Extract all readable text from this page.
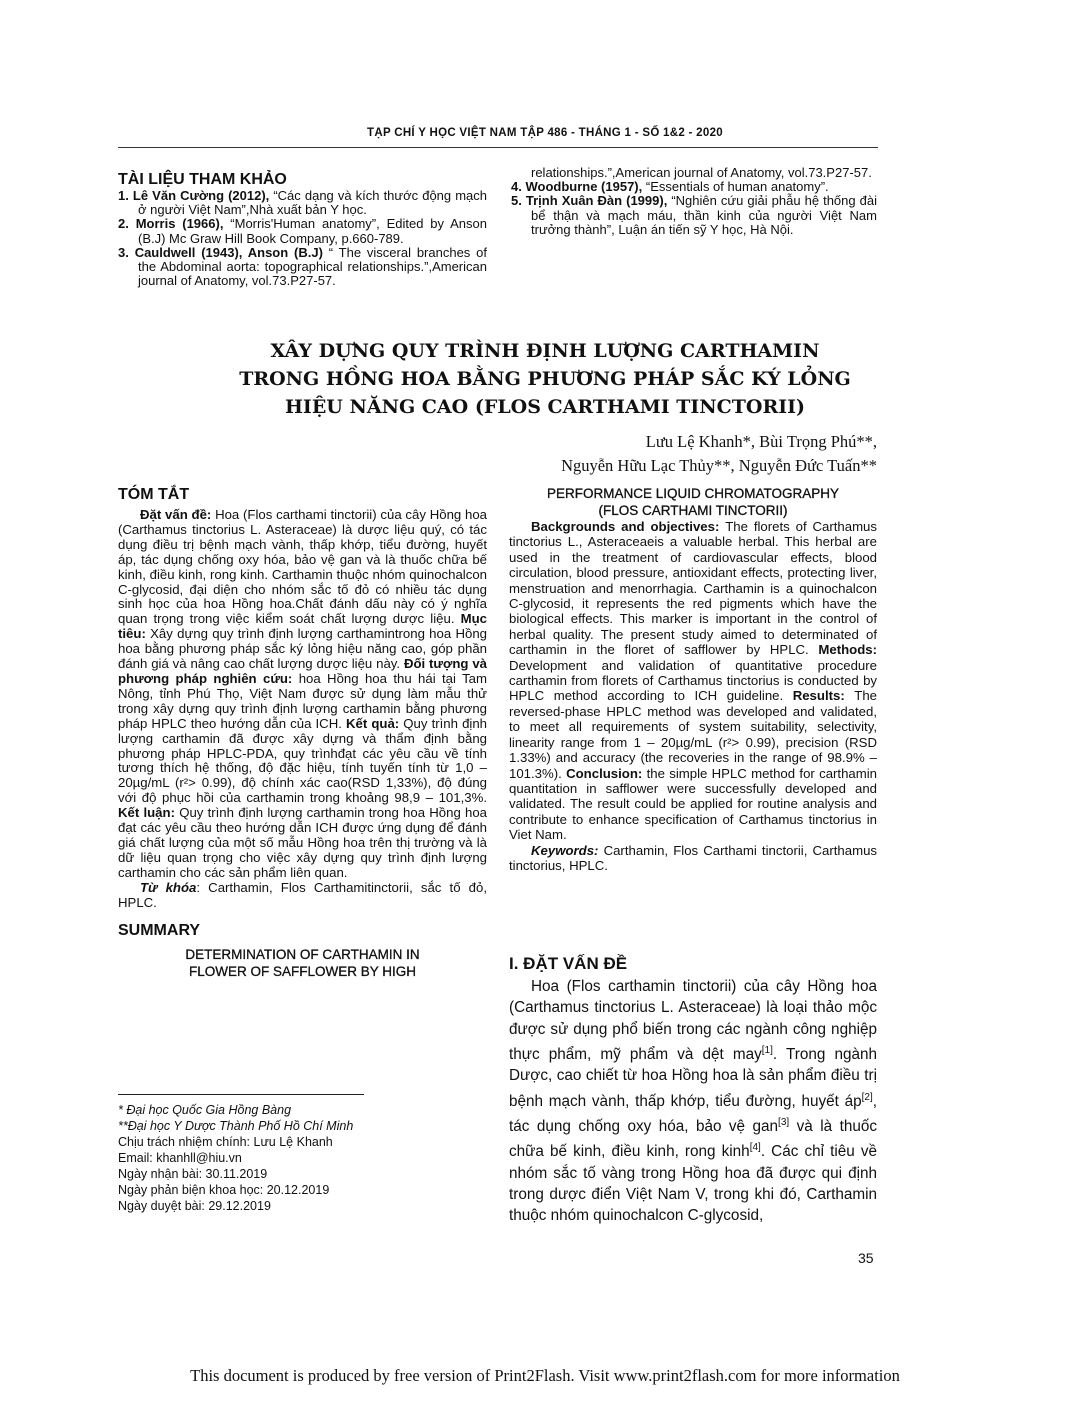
TẠP CHÍ Y HỌC VIỆT NAM TẬP 486 - THÁNG 1 - SỐ 1&2 - 2020
TÀI LIỆU THAM KHẢO

1. Lê Văn Cường (2012), “Các dạng và kích thước động mạch ở người Việt Nam”,Nhà xuất bản Y học.

2. Morris (1966), “Morris'Human anatomy”, Edited by Anson (B.J) Mc Graw Hill Book Company, p.660-789.

3. Cauldwell (1943), Anson (B.J) “ The visceral branches of the Abdominal aorta: topographical relationships.”,American journal of Anatomy, vol.73.P27-57.

relationships.”,American journal of Anatomy, vol.73.P27-57.

4. Woodburne (1957), “Essentials of human anatomy”.

5. Trịnh Xuân Đàn (1999), “Nghiên cứu giải phẫu hệ thống đài bể thận và mạch máu, thần kinh của người Việt Nam trưởng thành”, Luận án tiến sỹ Y học, Hà Nội.

XÂY DỰNG QUY TRÌNH ĐỊNH LƯỢNG CARTHAMIN
TRONG HỒNG HOA BẰNG PHƯƠNG PHÁP SẮC KÝ LỎNG
HIỆU NĂNG CAO (FLOS CARTHAMI TINCTORII)
Lưu Lệ Khanh*, Bùi Trọng Phú**,
Nguyễn Hữu Lạc Thủy**, Nguyễn Đức Tuấn**
TÓM TẮT

Đặt vấn đề: Hoa (Flos carthami tinctorii) của cây Hồng hoa (Carthamus tinctorius L. Asteraceae) là dược liệu quý, có tác dụng điều trị bệnh mạch vành, thấp khớp, tiểu đường, huyết áp, tác dụng chống oxy hóa, bảo vệ gan và là thuốc chữa bế kinh, điều kinh, rong kinh. Carthamin thuộc nhóm quinochalcon C-glycosid, đại diện cho nhóm sắc tố đỏ có nhiều tác dụng sinh học của hoa Hồng hoa.Chất đánh dấu này có ý nghĩa quan trọng trong việc kiểm soát chất lượng dược liệu. Mục tiêu: Xây dựng quy trình định lượng carthamintrong hoa Hồng hoa bằng phương pháp sắc ký lỏng hiệu năng cao, góp phần đánh giá và nâng cao chất lượng dược liệu này. Đối tượng và phương pháp nghiên cứu: hoa Hồng hoa thu hái tại Tam Nông, tỉnh Phú Thọ, Việt Nam được sử dụng làm mẫu thử trong xây dựng quy trình định lượng carthamin bằng phương pháp HPLC theo hướng dẫn của ICH. Kết quả: Quy trình định lượng carthamin đã được xây dựng và thẩm định bằng phương pháp HPLC-PDA, quy trìnhđạt các yêu cầu về tính tương thích hệ thống, độ đặc hiệu, tính tuyến tính từ 1,0 – 20µg/mL (r²> 0.99), độ chính xác cao(RSD 1,33%), độ đúng với độ phục hồi của carthamin trong khoảng 98,9 – 101,3%. Kết luận: Quy trình định lượng carthamin trong hoa Hồng hoa đạt các yêu cầu theo hướng dẫn ICH được ứng dụng để đánh giá chất lượng của một số mẫu Hồng hoa trên thị trường và là dữ liệu quan trọng cho việc xây dựng quy trình định lượng carthamin cho các sản phẩm liên quan.

Từ khóa: Carthamin, Flos Carthamitinctorii, sắc tố đỏ, HPLC.

SUMMARY

DETERMINATION OF CARTHAMIN IN
FLOWER OF SAFFLOWER BY HIGH

* Đại học Quốc Gia Hồng Bàng
**Đại học Y Dược Thành Phố Hồ Chí Minh
Chịu trách nhiệm chính: Lưu Lệ Khanh
Email: khanhll@hiu.vn
Ngày nhận bài: 30.11.2019
Ngày phản biện khoa học: 20.12.2019
Ngày duyệt bài: 29.12.2019

PERFORMANCE LIQUID CHROMATOGRAPHY
(FLOS CARTHAMI TINCTORII)

Backgrounds and objectives: The florets of Carthamus tinctorius L., Asteraceaeis a valuable herbal. This herbal are used in the treatment of cardiovascular effects, blood circulation, blood pressure, antioxidant effects, protecting liver, menstruation and menorrhagia. Carthamin is a quinochalcon C-glycosid, it represents the red pigments which have the biological effects. This marker is important in the control of herbal quality. The present study aimed to determinated of carthamin in the floret of safflower by HPLC. Methods: Development and validation of quantitative procedure carthamin from florets of Carthamus tinctorius is conducted by HPLC method according to ICH guideline. Results: The reversed-phase HPLC method was developed and validated, to meet all requirements of system suitability, selectivity, linearity range from 1 – 20µg/mL (r²> 0.99), precision (RSD 1.33%) and accuracy (the recoveries in the range of 98.9% – 101.3%). Conclusion: the simple HPLC method for carthamin quantitation in safflower were successfully developed and validated. The result could be applied for routine analysis and contribute to enhance specification of Carthamus tinctorius in Viet Nam.

Keywords: Carthamin, Flos Carthami tinctorii, Carthamus tinctorius, HPLC.

I. ĐẶT VẤN ĐỀ

Hoa (Flos carthamin tinctorii) của cây Hồng hoa (Carthamus tinctorius L. Asteraceae) là loại thảo mộc được sử dụng phổ biến trong các ngành công nghiệp thực phẩm, mỹ phẩm và dệt may[1]. Trong ngành Dược, cao chiết từ hoa Hồng hoa là sản phẩm điều trị bệnh mạch vành, thấp khớp, tiểu đường, huyết áp[2], tác dụng chống oxy hóa, bảo vệ gan[3] và là thuốc chữa bế kinh, điều kinh, rong kinh[4]. Các chỉ tiêu về nhóm sắc tố vàng trong Hồng hoa đã được qui định trong dược điển Việt Nam V, trong khi đó, Carthamin thuộc nhóm quinochalcon C-glycosid,

35
This document is produced by free version of Print2Flash. Visit www.print2flash.com for more information
